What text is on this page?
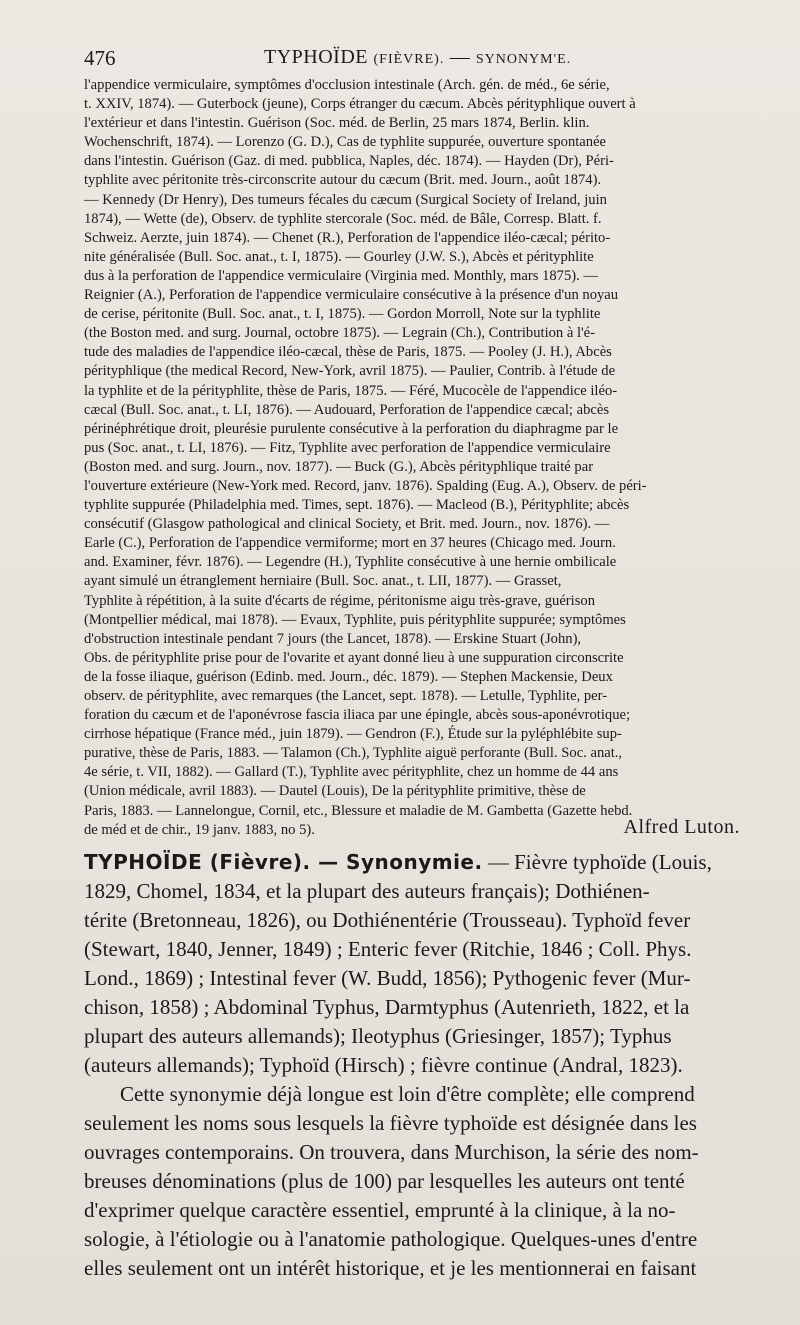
476	TYPHOÏDE (FIÈVRE). — SYNONYM'E.
l'appendice vermiculaire, symptômes d'occlusion intestinale (Arch. gén. de méd., 6e série,
t. XXIV, 1874). — Guterbock (jeune), Corps étranger du cæcum. Abcès pérityphlique ouvert à
l'extérieur et dans l'intestin. Guérison (Soc. méd. de Berlin, 25 mars 1874, Berlin. klin.
Wochenschrift, 1874). — Lorenzo (G. D.), Cas de typhlite suppurée, ouverture spontanée
dans l'intestin. Guérison (Gaz. di med. pubblica, Naples, déc. 1874). — Hayden (Dr), Péri-
typhlite avec péritonite très-circonscrite autour du cæcum (Brit. med. Journ., août 1874).
— Kennedy (Dr Henry), Des tumeurs fécales du cæcum (Surgical Society of Ireland, juin
1874), — Wette (de), Observ. de typhlite stercorale (Soc. méd. de Bâle, Corresp. Blatt. f.
Schweiz. Aerzte, juin 1874). — Chenet (R.), Perforation de l'appendice iléo-cæcal; périto-
nite généralisée (Bull. Soc. anat., t. I, 1875). — Gourley (J.W. S.), Abcès et pérityphlite
dus à la perforation de l'appendice vermiculaire (Virginia med. Monthly, mars 1875). —
Reignier (A.), Perforation de l'appendice vermiculaire consécutive à la présence d'un noyau
de cerise, péritonite (Bull. Soc. anat., t. I, 1875). — Gordon Morroll, Note sur la typhlite
(the Boston med. and surg. Journal, octobre 1875). — Legrain (Ch.), Contribution à l'é-
tude des maladies de l'appendice iléo-cæcal, thèse de Paris, 1875. — Pooley (J. H.), Abcès
pérityphlique (the medical Record, New-York, avril 1875). — Paulier, Contrib. à l'étude de
la typhlite et de la pérityphlite, thèse de Paris, 1875. — Féré, Mucocèle de l'appendice iléo-
cæcal (Bull. Soc. anat., t. LI, 1876). — Audouard, Perforation de l'appendice cæcal; abcès
périnéphrétique droit, pleurésie purulente consécutive à la perforation du diaphragme par le
pus (Soc. anat., t. LI, 1876). — Fitz, Typhlite avec perforation de l'appendice vermiculaire
(Boston med. and surg. Journ., nov. 1877). — Buck (G.), Abcès pérityphlique traité par
l'ouverture extérieure (New-York med. Record, janv. 1876). Spalding (Eug. A.), Observ. de péri-
typhlite suppurée (Philadelphia med. Times, sept. 1876). — Macleod (B.), Pérityphlite; abcès
consécutif (Glasgow pathological and clinical Society, et Brit. med. Journ., nov. 1876). —
Earle (C.), Perforation de l'appendice vermiforme; mort en 37 heures (Chicago med. Journ.
and. Examiner, févr. 1876). — Legendre (H.), Typhlite consécutive à une hernie ombilicale
ayant simulé un étranglement herniaire (Bull. Soc. anat., t. LII, 1877). — Grasset,
Typhlite à répétition, à la suite d'écarts de régime, péritonisme aigu très-grave, guérison
(Montpellier médical, mai 1878). — Evaux, Typhlite, puis pérityphlite suppurée; symptômes
d'obstruction intestinale pendant 7 jours (the Lancet, 1878). — Erskine Stuart (John),
Obs. de pérityphlite prise pour de l'ovarite et ayant donné lieu à une suppuration circonscrite
de la fosse iliaque, guérison (Edinb. med. Journ., déc. 1879). — Stephen Mackensie, Deux
observ. de pérityphlite, avec remarques (the Lancet, sept. 1878). — Letulle, Typhlite, per-
foration du cæcum et de l'aponévrose fascia iliaca par une épingle, abcès sous-aponévrotique;
cirrhose hépatique (France méd., juin 1879). — Gendron (F.), Étude sur la pyléphlébite sup-
purative, thèse de Paris, 1883. — Talamon (Ch.), Typhlite aiguë perforante (Bull. Soc. anat.,
4e série, t. VII, 1882). — Gallard (T.), Typhlite avec pérityphlite, chez un homme de 44 ans
(Union médicale, avril 1883). — Dautel (Louis), De la pérityphlite primitive, thèse de
Paris, 1883. — Lannelongue, Cornil, etc., Blessure et maladie de M. Gambetta (Gazette hebd.
de méd et de chir., 19 janv. 1883, no 5).	Alfred Luton.
TYPHOÏDE (Fièvre). — Synonymie. — Fièvre typhoïde (Louis,
1829, Chomel, 1834, et la plupart des auteurs français); Dothiénen-
térite (Bretonneau, 1826), ou Dothiénentérie (Trousseau). Typhoïd fever
(Stewart, 1840, Jenner, 1849) ; Enteric fever (Ritchie, 1846 ; Coll. Phys.
Lond., 1869) ; Intestinal fever (W. Budd, 1856); Pythogenic fever (Mur-
chison, 1858) ; Abdominal Typhus, Darmtyphus (Autenrieth, 1822, et la
plupart des auteurs allemands); Ileotyphus (Griesinger, 1857); Typhus
(auteurs allemands); Typhoïd (Hirsch) ; fièvre continue (Andral, 1823).
Cette synonymie déjà longue est loin d'être complète; elle comprend
seulement les noms sous lesquels la fièvre typhoïde est désignée dans les
ouvrages contemporains. On trouvera, dans Murchison, la série des nom-
breuses dénominations (plus de 100) par lesquelles les auteurs ont tenté
d'exprimer quelque caractère essentiel, emprunté à la clinique, à la no-
sologie, à l'étiologie ou à l'anatomie pathologique. Quelques-unes d'entre
elles seulement ont un intérêt historique, et je les mentionnerai en faisant
